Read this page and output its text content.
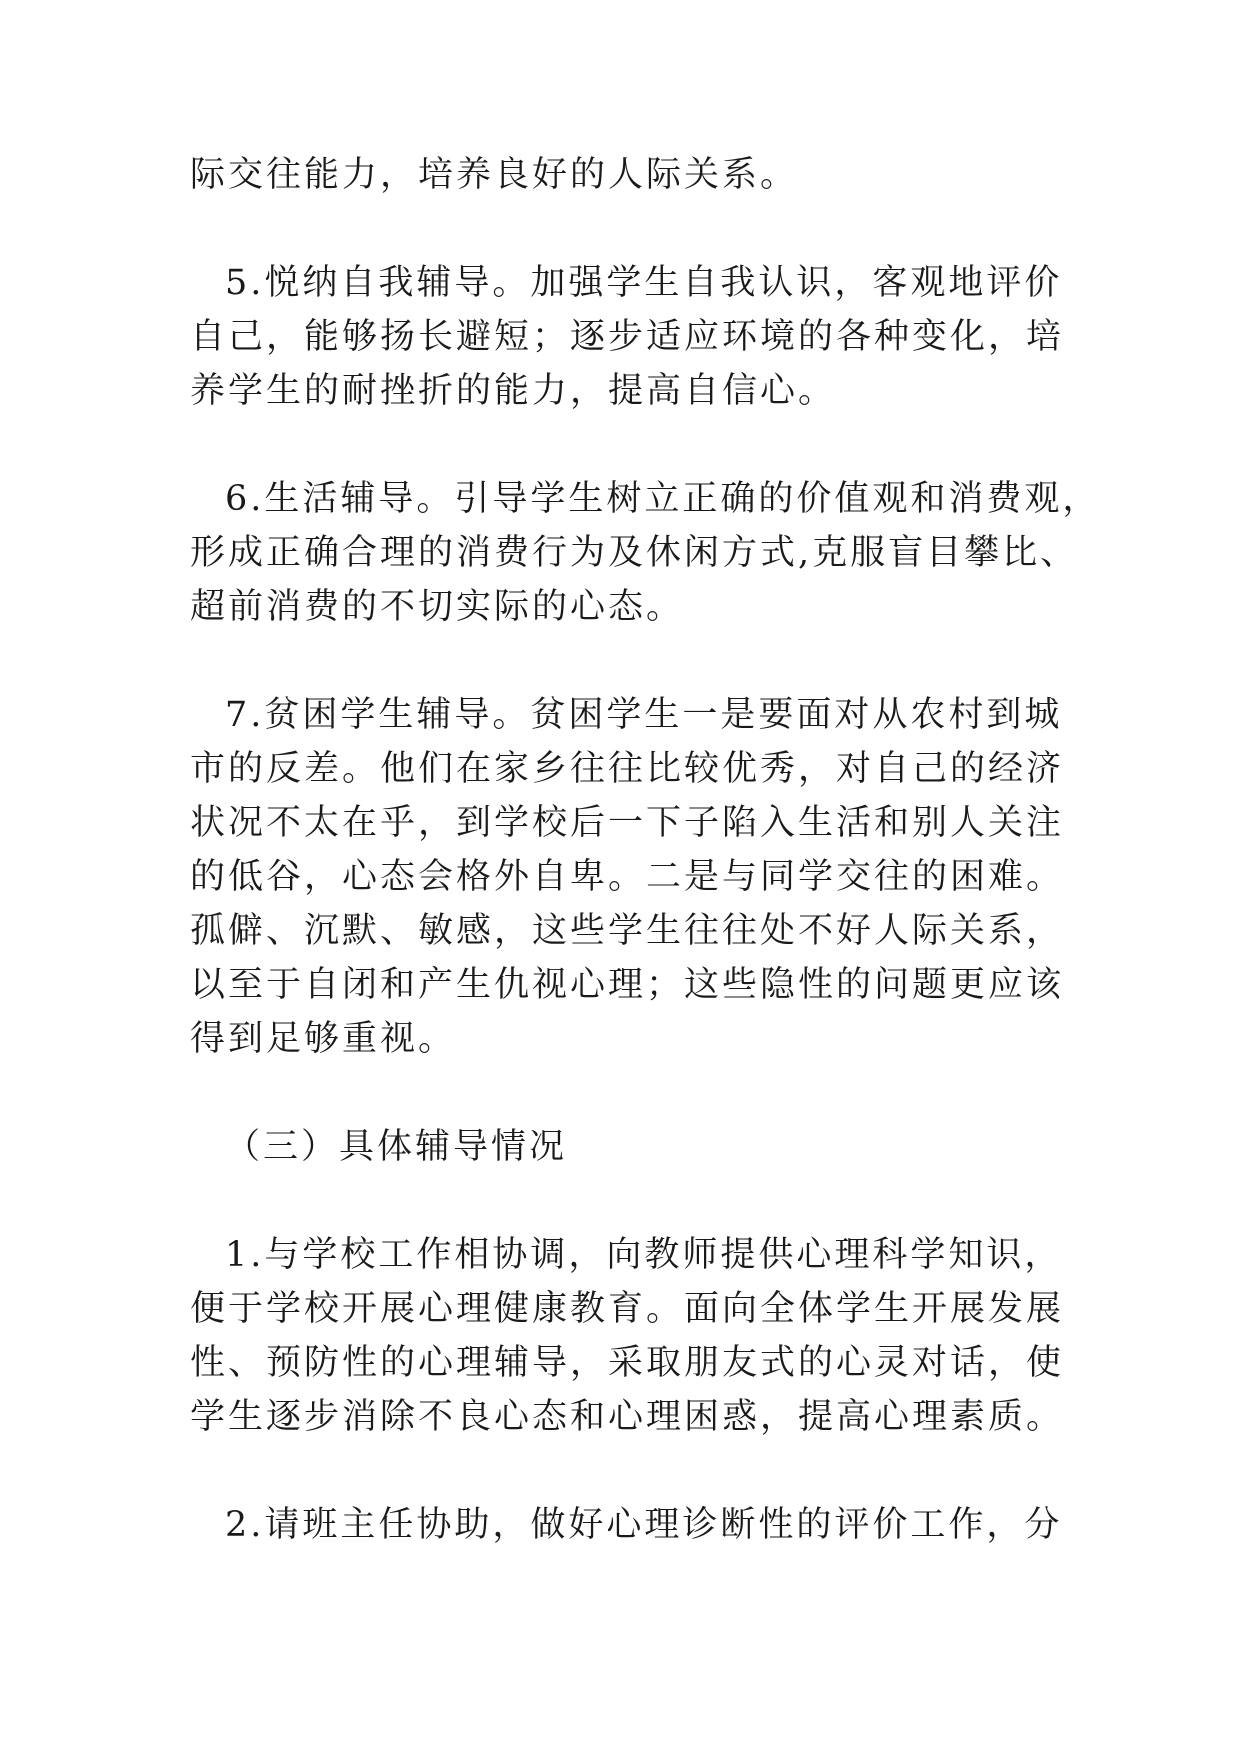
际交往能力，培养良好的人际关系。

5.悦纳自我辅导。加强学生自我认识，客观地评价
自己，能够扬长避短；逐步适应环境的各种变化，培
养学生的耐挫折的能力，提高自信心。

6.生活辅导。引导学生树立正确的价值观和消费观，
形成正确合理的消费行为及休闲方式,克服盲目攀比、
超前消费的不切实际的心态。

7.贫困学生辅导。贫困学生一是要面对从农村到城
市的反差。他们在家乡往往比较优秀，对自己的经济
状况不太在乎，到学校后一下子陷入生活和别人关注
的低谷，心态会格外自卑。二是与同学交往的困难。
孤僻、沉默、敏感，这些学生往往处不好人际关系，
以至于自闭和产生仇视心理；这些隐性的问题更应该
得到足够重视。

（三）具体辅导情况

1.与学校工作相协调，向教师提供心理科学知识，
便于学校开展心理健康教育。面向全体学生开展发展
性、预防性的心理辅导，采取朋友式的心灵对话，使
学生逐步消除不良心态和心理困惑，提高心理素质。

2.请班主任协助，做好心理诊断性的评价工作，分
